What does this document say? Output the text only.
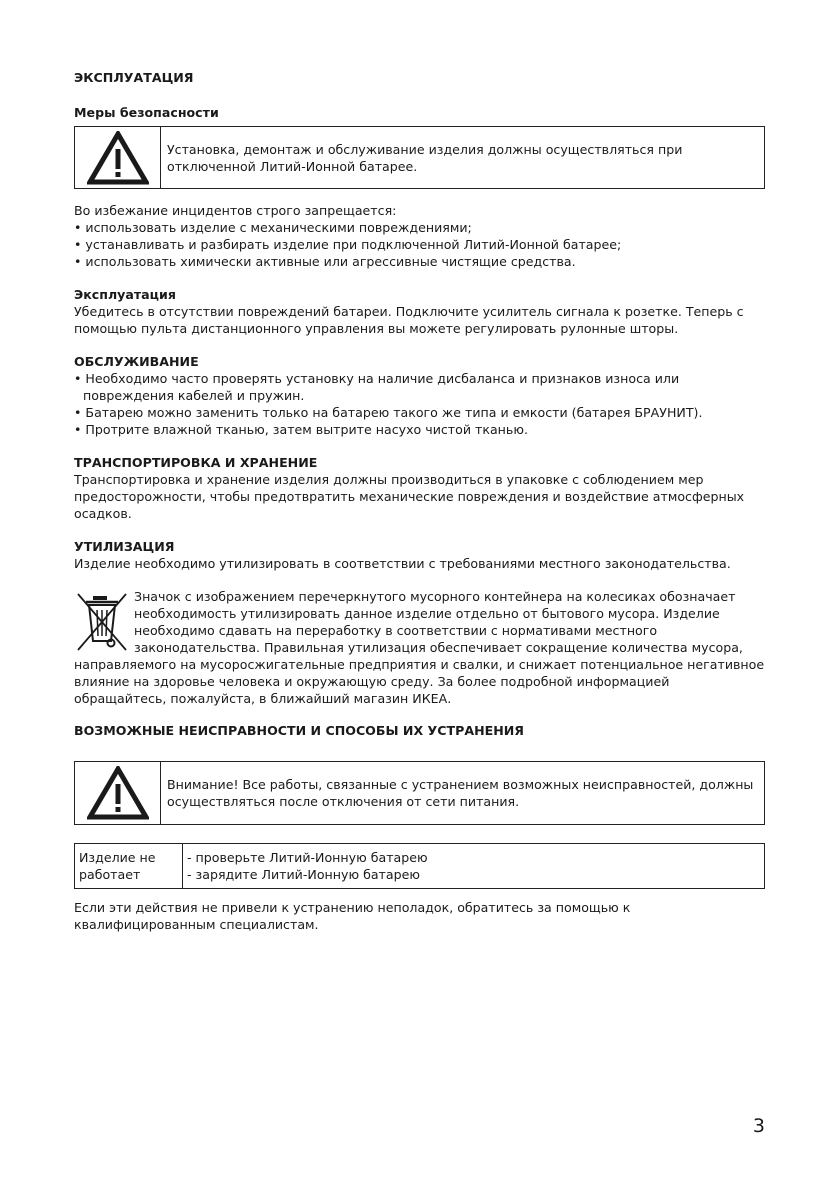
ЭКСПЛУАТАЦИЯ
Меры безопасности

Установка, демонтаж и обслуживание изделия должны осуществляться при отключенной Литий-Ионной батарее.

Во избежание инцидентов строго запрещается:

• использовать изделие с механическими повреждениями;

• устанавливать и разбирать изделие при подключенной Литий-Ионной батарее;

• использовать химически активные или агрессивные чистящие средства.

Эксплуатация

Убедитесь в отсутствии повреждений батареи. Подключите усилитель сигнала к розетке. Теперь с помощью пульта дистанционного управления вы можете регулировать рулонные шторы.

ОБСЛУЖИВАНИЕ

• Необходимо часто проверять установку на наличие дисбаланса и признаков износа или повреждения кабелей и пружин.

• Батарею можно заменить только на батарею такого же типа и емкости (батарея БРАУНИТ).

• Протрите влажной тканью, затем вытрите насухо чистой тканью.

ТРАНСПОРТИРОВКА И ХРАНЕНИЕ

Транспортировка и хранение изделия должны производиться в упаковке с соблюдением мер предосторожности, чтобы предотвратить механические повреждения и воздействие атмосферных осадков.

УТИЛИЗАЦИЯ

Изделие необходимо утилизировать в соответствии с требованиями местного законодательства.

Значок с изображением перечеркнутого мусорного контейнера на колесиках обозначает необходимость утилизировать данное изделие отдельно от бытового мусора. Изделие необходимо сдавать на переработку в соответствии с нормативами местного законодательства. Правильная утилизация обеспечивает сокращение количества мусора, направляемого на мусоросжигательные предприятия и свалки, и снижает потенциальное негативное влияние на здоровье человека и окружающую среду. За более подробной информацией обращайтесь, пожалуйста, в ближайший магазин ИКЕА.

ВОЗМОЖНЫЕ НЕИСПРАВНОСТИ И СПОСОБЫ ИХ УСТРАНЕНИЯ

Внимание! Все работы, связанные с устранением возможных неисправностей, должны осуществляться после отключения от сети питания.

Изделие не работает

- проверьте Литий-Ионную батарею

- зарядите Литий-Ионную батарею

Если эти действия не привели к устранению неполадок, обратитесь за помощью к квалифицированным специалистам.

3
